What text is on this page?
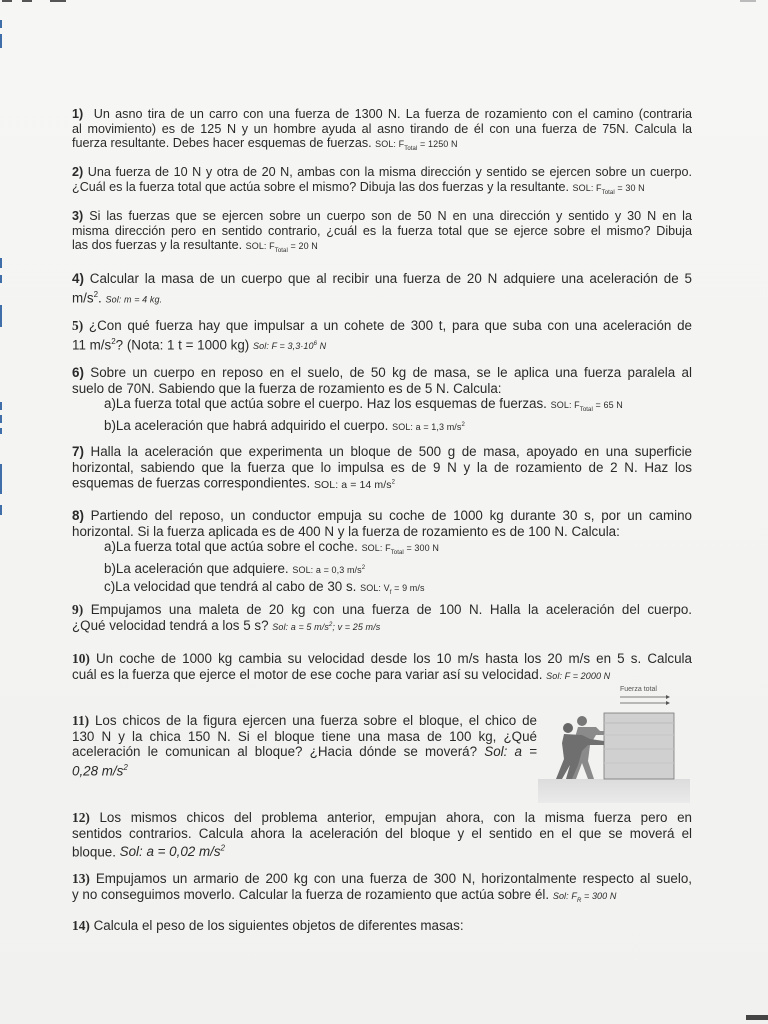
1) Un asno tira de un carro con una fuerza de 1300 N. La fuerza de rozamiento con el camino (contraria
al movimiento) es de 125 N y un hombre ayuda al asno tirando de él con una fuerza de 75N. Calcula la
fuerza resultante. Debes hacer esquemas de fuerzas. SOL: $F_{Total} = 1250$ N
2) Una fuerza de 10 N y otra de 20 N, ambas con la misma dirección y sentido se ejercen sobre un cuerpo.
¿Cuál es la fuerza total que actúa sobre el mismo? Dibuja las dos fuerzas y la resultante. SOL: $F_{Total} = 30$ N
3) Si las fuerzas que se ejercen sobre un cuerpo son de 50 N en una dirección y sentido y 30 N en la
misma dirección pero en sentido contrario, ¿cuál es la fuerza total que se ejerce sobre el mismo? Dibuja
las dos fuerzas y la resultante. SOL: $F_{Total} = 20$ N
4) Calcular la masa de un cuerpo que al recibir una fuerza de 20 N adquiere una aceleración de 5
$m/s^2$. Sol: m = 4 kg.
5) ¿Con qué fuerza hay que impulsar a un cohete de 300 t, para que suba con una aceleración de
11 $m/s^2$? (Nota: 1 t = 1000 kg) Sol: $F = 3,3\cdot 10^6$ N
6) Sobre un cuerpo en reposo en el suelo, de 50 kg de masa, se le aplica una fuerza paralela al
suelo de 70N. Sabiendo que la fuerza de rozamiento es de 5 N. Calcula:
a)La fuerza total que actúa sobre el cuerpo. Haz los esquemas de fuerzas. SOL: $F_{Total} = 65$ N
b)La aceleración que habrá adquirido el cuerpo. SOL: a = 1,3 $m/s^2$
7) Halla la aceleración que experimenta un bloque de 500 g de masa, apoyado en una superficie
horizontal, sabiendo que la fuerza que lo impulsa es de 9 N y la de rozamiento de 2 N. Haz los
esquemas de fuerzas correspondientes. SOL: a = 14 $m/s^2$
8) Partiendo del reposo, un conductor empuja su coche de 1000 kg durante 30 s, por un camino
horizontal. Si la fuerza aplicada es de 400 N y la fuerza de rozamiento es de 100 N. Calcula:
a)La fuerza total que actúa sobre el coche. SOL: $F_{Total} = 300$ N
b)La aceleración que adquiere. SOL: a = 0,3 $m/s^2$
c)La velocidad que tendrá al cabo de 30 s. SOL: $V_f = 9$ m/s
9) Empujamos una maleta de 20 kg con una fuerza de 100 N. Halla la aceleración del cuerpo.
¿Qué velocidad tendrá a los 5 s? Sol: a = 5 $m/s^2$; v = 25 m/s
10) Un coche de 1000 kg cambia su velocidad desde los 10 m/s hasta los 20 m/s en 5 s. Calcula
cuál es la fuerza que ejerce el motor de ese coche para variar así su velocidad. Sol: F = 2000 N
11) Los chicos de la figura ejercen una fuerza sobre el bloque, el chico de
130 N y la chica 150 N. Si el bloque tiene una masa de 100 kg, ¿Qué
aceleración le comunican al bloque? ¿Hacia dónde se moverá? Sol: a =
0,28 $m/s^2$
Fuerza total
12) Los mismos chicos del problema anterior, empujan ahora, con la misma fuerza pero en
sentidos contrarios. Calcula ahora la aceleración del bloque y el sentido en el que se moverá el
bloque. Sol: a = 0,02 $m/s^2$
13) Empujamos un armario de 200 kg con una fuerza de 300 N, horizontalmente respecto al suelo,
y no conseguimos moverlo. Calcular la fuerza de rozamiento que actúa sobre él. Sol: $F_R = 300$ N
14) Calcula el peso de los siguientes objetos de diferentes masas:
